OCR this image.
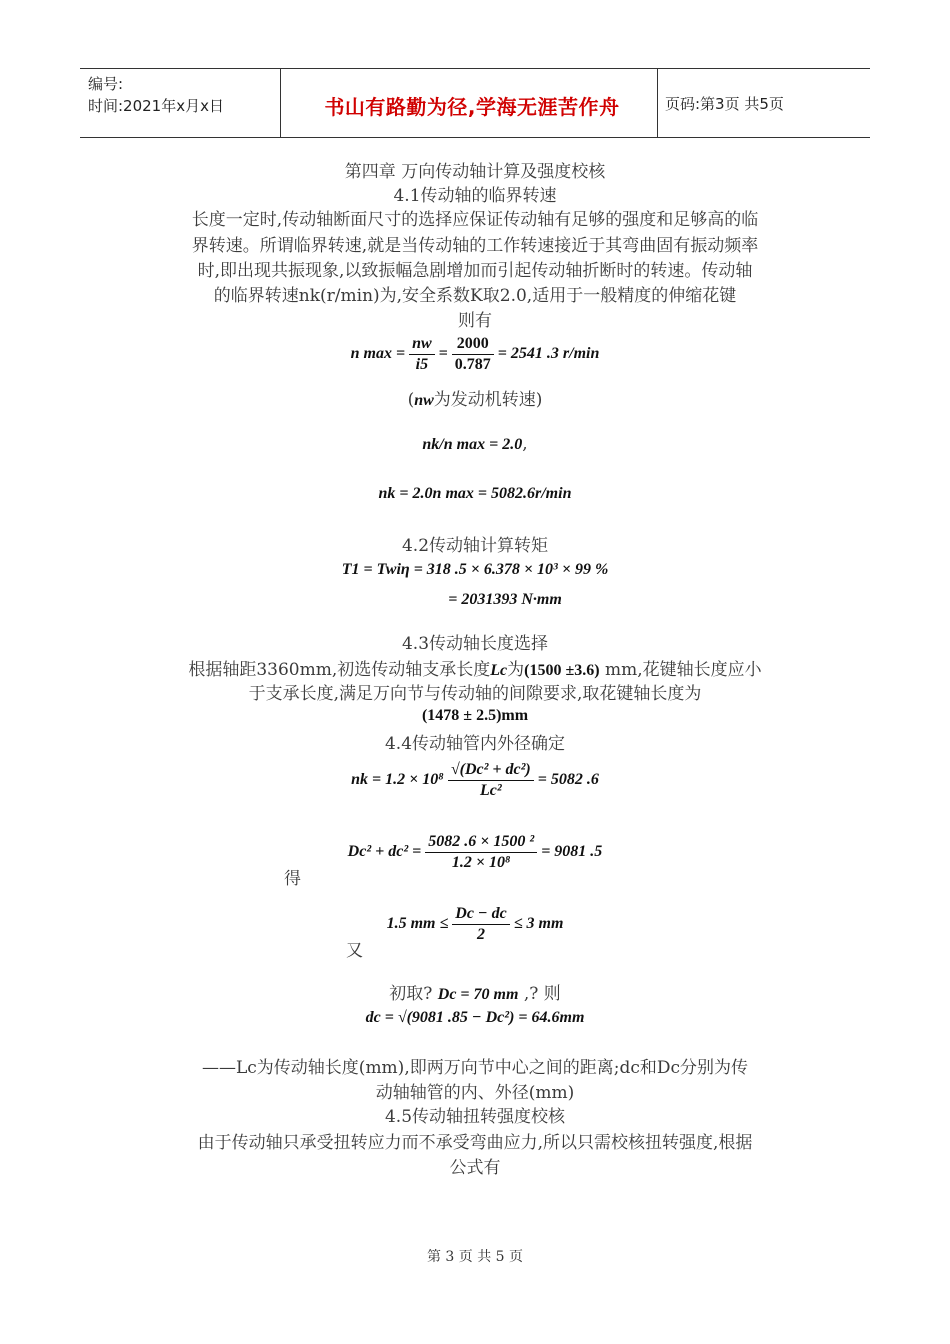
编号:
时间:2021年x月x日	书山有路勤为径,学海无涯苦作舟	页码:第3页 共5页
第四章 万向传动轴计算及强度校核
4.1传动轴的临界转速
长度一定时,传动轴断面尺寸的选择应保证传动轴有足够的强度和足够高的临
界转速。所谓临界转速,就是当传动轴的工作转速接近于其弯曲固有振动频率
时,即出现共振现象,以致振幅急剧增加而引起传动轴折断时的转速。传动轴
的临界转速nk(r/min)为,安全系数K取2.0,适用于一般精度的伸缩花键
则有
n $\max = \frac{nw}{i5} = \frac{2000}{0.787} = 2541$ .3 r/min
(nw为发动机转速)
nk/n max = 2.0,
nk = 2.0n max = 5082.6r/min
4.2传动轴计算转矩
T1 = Twiη = 318 .5 × 6.378 × 10³ × 99 %
= 2031393 N·mm
4.3传动轴长度选择
根据轴距3360mm,初选传动轴支承长度Lc为(1500 ±3.6) mm,花键轴长度应小
于支承长度,满足万向节与传动轴的间隙要求,取花键轴长度为
(1478 ± 2.5)mm
4.4传动轴管内外径确定
nk = $1.2 \times 10^8 \frac{\text{√(Dc² + dc²)}}{\text{Lc²}} = 5082$ .6
得
$Dc^2 + dc^2 = \frac{\text{5082 .6 × 1500 ²}}{\text{1.2 × 10⁸}} = 9081$ .5
又
1.5 mm ≤ $\frac{Dc - dc}{2} \le 3$ mm
初取? Dc = 70 mm ,? 则
dc = √(9081 .85 − Dc²) = 64.6mm
——Lc为传动轴长度(mm),即两万向节中心之间的距离;dc和Dc分别为传
动轴轴管的内、外径(mm)
4.5传动轴扭转强度校核
由于传动轴只承受扭转应力而不承受弯曲应力,所以只需校核扭转强度,根据
公式有
第 3 页 共 5 页
